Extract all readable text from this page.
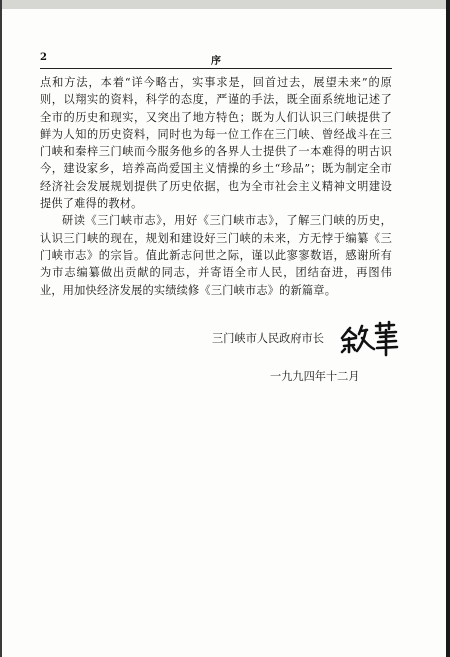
2	序

点和方法，本着“详今略古，实事求是，回首过去，展望未来”的原则，以翔实的资料，科学的态度，严谨的手法，既全面系统地记述了全市的历史和现实，又突出了地方特色；既为人们认识三门峡提供了鲜为人知的历史资料，同时也为每一位工作在三门峡、曾经战斗在三门峡和秦梓三门峡而今服务他乡的各界人士提供了一本难得的明古识今，建设家乡，培养高尚爱国主义情操的乡土“珍品”；既为制定全市经济社会发展规划提供了历史依据，也为全市社会主义精神文明建设提供了难得的教材。

研读《三门峡市志》，用好《三门峡市志》，了解三门峡的历史，认识三门峡的现在，规划和建设好三门峡的未来，方无悖于编纂《三门峡市志》的宗旨。值此新志问世之际，谨以此寥寥数语，感谢所有为市志编纂做出贡献的同志，并寄语全市人民，团结奋进，再图伟业，用加快经济发展的实绩续修《三门峡市志》的新篇章。

三门峡市人民政府市长
一九九四年十二月
